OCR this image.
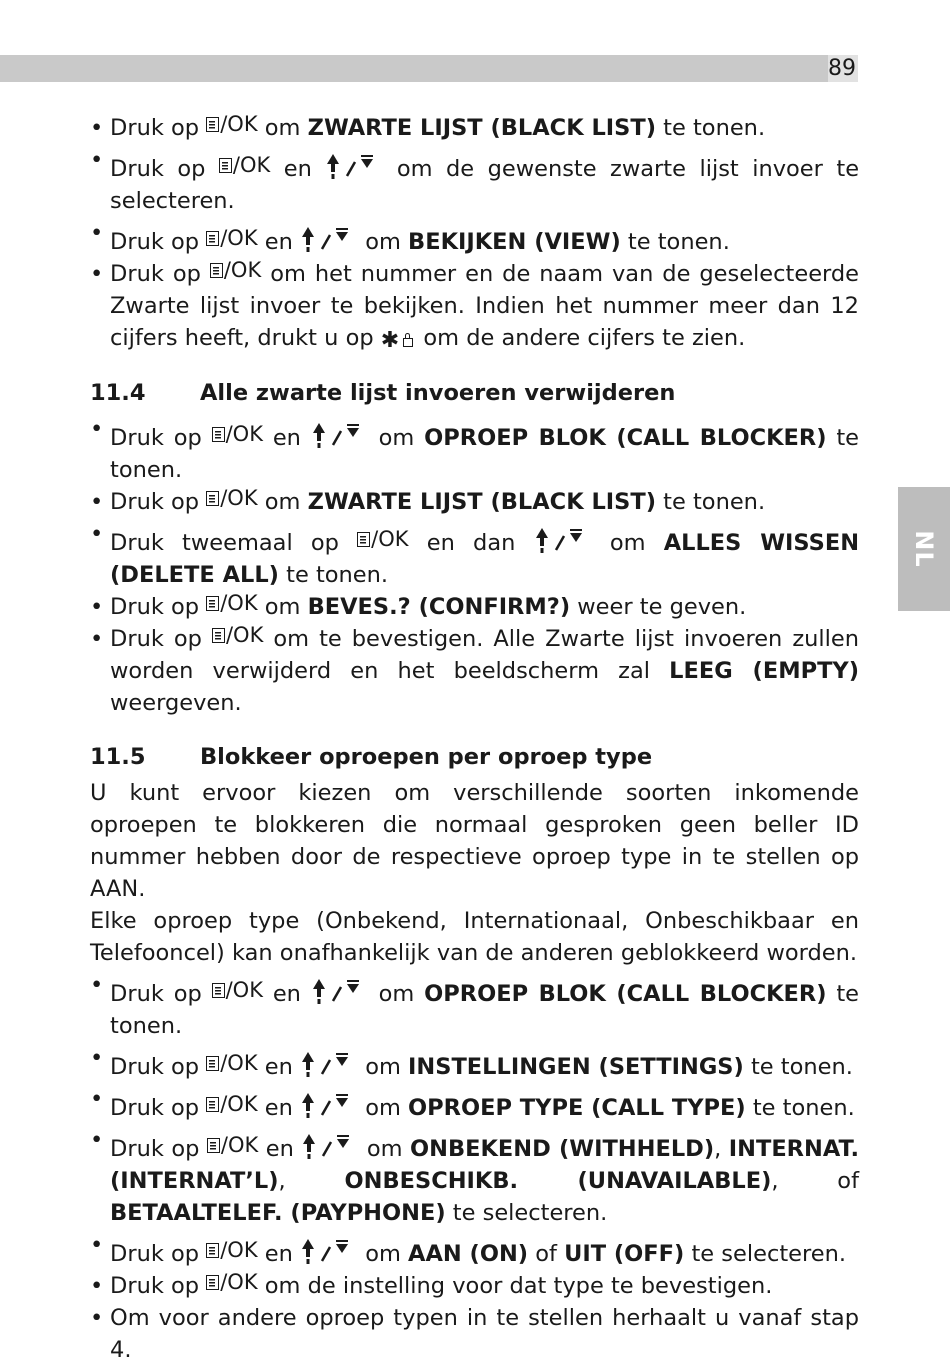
89
NL
• Druk op /OK om ZWARTE LIJST (BLACK LIST) te tonen.
• Druk op /OK en	om de gewenste zwarte lijst invoer te selecteren.
• Druk op /OK en	om BEKIJKEN (VIEW) te tonen.
• Druk op /OK om het nummer en de naam van de geselecteerde Zwarte lijst invoer te bekijken. Indien het nummer meer dan 12 cijfers heeft, drukt u op ✱ om de andere cijfers te zien.
11.4	Alle zwarte lijst invoeren verwijderen
• Druk op /OK en	om OPROEP BLOK (CALL BLOCKER) te tonen.
• Druk op /OK om ZWARTE LIJST (BLACK LIST) te tonen.
• Druk tweemaal op /OK en dan	om ALLES WISSEN (DELETE ALL) te tonen.
• Druk op /OK om BEVES.? (CONFIRM?) weer te geven.
• Druk op /OK om te bevestigen. Alle Zwarte lijst invoeren zullen worden verwijderd en het beeldscherm zal LEEG (EMPTY) weergeven.
11.5	Blokkeer oproepen per oproep type
U kunt ervoor kiezen om verschillende soorten inkomende oproepen te blokkeren die normaal gesproken geen beller ID nummer hebben door de respectieve oproep type in te stellen op AAN.
Elke oproep type (Onbekend, Internationaal, Onbeschikbaar en Telefooncel) kan onafhankelijk van de anderen geblokkeerd worden.
• Druk op /OK en	om OPROEP BLOK (CALL BLOCKER) te tonen.
• Druk op /OK en	om INSTELLINGEN (SETTINGS) te tonen.
• Druk op /OK en	om OPROEP TYPE (CALL TYPE) te tonen.
• Druk op /OK en	om ONBEKEND (WITHHELD), INTERNAT. (INTERNAT’L),	ONBESCHIKB. (UNAVAILABLE), of BETAALTELEF. (PAYPHONE) te selecteren.
• Druk op /OK en	om AAN (ON) of UIT (OFF) te selecteren.
• Druk op /OK om de instelling voor dat type te bevestigen.
• Om voor andere oproep typen in te stellen herhaalt u vanaf stap 4.
